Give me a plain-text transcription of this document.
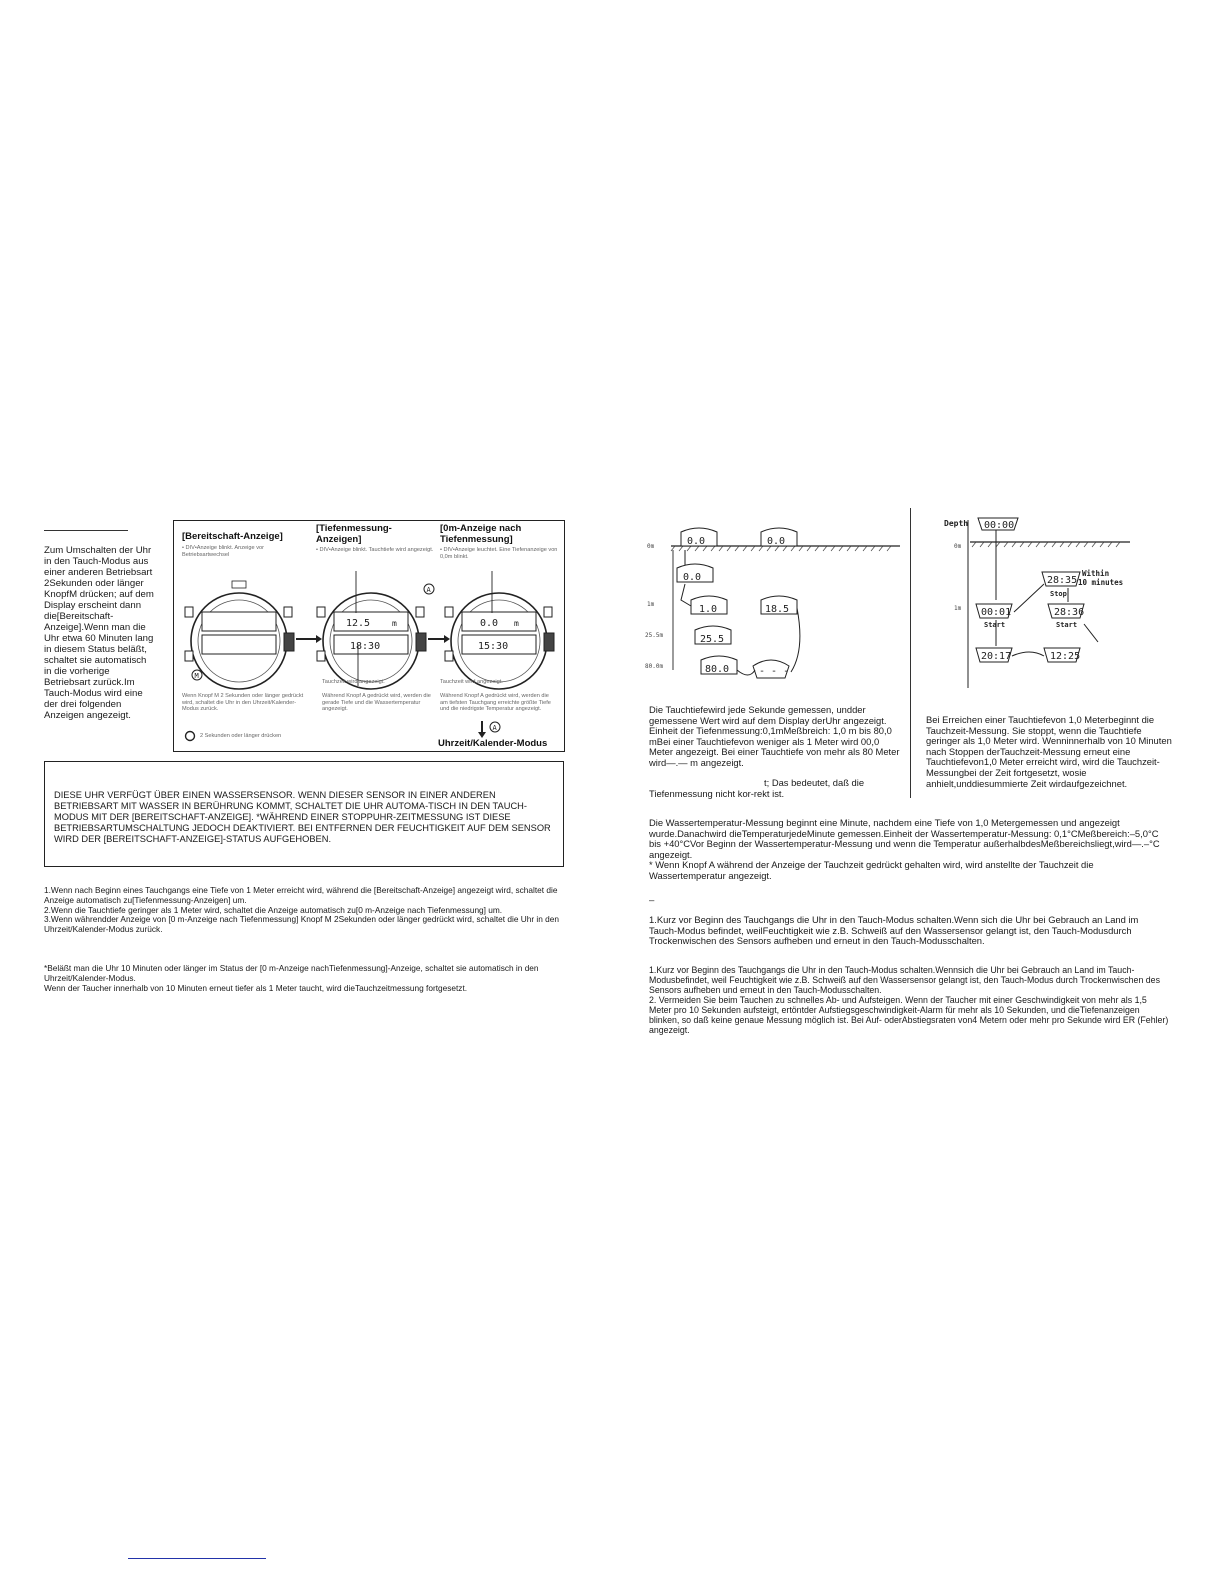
Zum Umschalten der Uhr in den Tauch-Modus aus einer anderen Betriebsart 2Sekunden oder länger KnopfM drücken; auf dem Display erscheint dann die[Bereitschaft-Anzeige].Wenn man die Uhr etwa 60 Minuten lang in diesem Status beläßt, schaltet sie automatisch in die vorherige Betriebsart zurück.Im Tauch-Modus wird eine der drei folgenden Anzeigen angezeigt.
[Bereitschaft-Anzeige]
[Tiefenmessung-Anzeigen]
[0m-Anzeige nach Tiefenmessung]
• DIV•Anzeige blinkt. Anzeige vor Betriebsartwechsel
• DIV•Anzeige blinkt. Tauchtiefe wird angezeigt. • DIV•Anzeige leuchtet. Eine Tiefenanzeige von 0,0m blinkt.
M
A
12.5	m
18:30
0.0 m
15:30
A
Tauchzeit wird angezeigt.	Tauchzeit wird angezeigt.
Wenn Knopf M 2 Sekunden oder länger gedrückt wird, schaltet die Uhr in den Uhrzeit/Kalender-Modus zurück.
Während Knopf A gedrückt wird, werden die gerade Tiefe und die Wassertemperatur angezeigt.
Während Knopf A gedrückt wird, werden die am tiefsten Tauchgang erreichte größte Tiefe und die niedrigste Temperatur angezeigt.
2 Sekunden oder länger drücken
Uhrzeit/Kalender-Modus
DIESE UHR VERFÜGT ÜBER EINEN WASSERSENSOR. WENN DIESER SENSOR IN EINER ANDEREN BETRIEBSART MIT WASSER IN BERÜHRUNG KOMMT, SCHALTET DIE UHR AUTOMA-TISCH IN DEN TAUCH-MODUS MIT DER [BEREITSCHAFT-ANZEIGE]. *WÄHREND EINER STOPPUHR-ZEITMESSUNG IST DIESE BETRIEBSARTUMSCHALTUNG JEDOCH DEAKTIVIERT. BEI ENTFERNEN DER FEUCHTIGKEIT AUF DEM SENSOR WIRD DER [BEREITSCHAFT-ANZEIGE]-STATUS AUFGEHOBEN.
1.Wenn nach Beginn eines Tauchgangs eine Tiefe von 1 Meter erreicht wird, während die [Bereitschaft-Anzeige] angezeigt wird, schaltet die Anzeige automatisch zu[Tiefenmessung-Anzeigen] um.
2.Wenn die Tauchtiefe geringer als 1 Meter wird, schaltet die Anzeige automatisch zu[0 m-Anzeige nach Tiefenmessung] um.
3.Wenn währendder Anzeige von [0 m-Anzeige nach Tiefenmessung] Knopf M 2Sekunden oder länger gedrückt wird, schaltet die Uhr in den Uhrzeit/Kalender-Modus zurück.
*Beläßt man die Uhr 10 Minuten oder länger im Status der [0 m-Anzeige nachTiefenmessung]-Anzeige, schaltet sie automatisch in den Uhrzeit/Kalender-Modus.
Wenn der Taucher innerhalb von 10 Minuten erneut tiefer als 1 Meter taucht, wird dieTauchzeitmessung fortgesetzt.
0m
1m
25.5m
80.0m
0.0	0.0
0.0
1.0
25.5
80.0
18.5
- - -
Die Tauchtiefewird jede Sekunde gemessen, undder gemessene Wert wird auf dem Display derUhr angezeigt. Einheit der Tiefenmessung:0,1mMeßbreich: 1,0 m bis 80,0 mBei einer Tauchtiefevon weniger als 1 Meter wird 00,0 Meter angezeigt. Bei einer Tauchtiefe von mehr als 80 Meter wird—.— m angezeigt.
t; Das bedeutet, daß die Tiefenmessung nicht kor-rekt ist.
Depth
0m
1m
00:00
28:35
00:01	28:36
20:17	12:25
Stop
Start	Start
Within
10 minutes
Bei Erreichen einer Tauchtiefevon 1,0 Meterbeginnt die Tauchzeit-Messung. Sie stoppt, wenn die Tauchtiefe geringer als 1,0 Meter wird. Wenninnerhalb von 10 Minuten nach Stoppen derTauchzeit-Messung erneut eine Tauchtiefevon1,0 Meter erreicht wird, wird die Tauchzeit-Messungbei der Zeit fortgesetzt, wosie anhielt,unddiesummierte Zeit wirdaufgezeichnet.
Die Wassertemperatur-Messung beginnt eine Minute, nachdem eine Tiefe von 1,0 Metergemessen und angezeigt wurde.Danachwird dieTemperaturjedeMinute gemessen.Einheit der Wassertemperatur-Messung: 0,1°CMeßbereich:–5,0°C bis +40°CVor Beginn der Wassertemperatur-Messung und wenn die Temperatur außerhalbdesMeßbereichsliegt,wird—.–°C angezeigt.
* Wenn Knopf A während der Anzeige der Tauchzeit gedrückt gehalten wird, wird anstellte der Tauchzeit die Wassertemperatur angezeigt.
–
1.Kurz vor Beginn des Tauchgangs die Uhr in den Tauch-Modus schalten.Wenn sich die Uhr bei Gebrauch an Land im Tauch-Modus befindet, weilFeuchtigkeit wie z.B. Schweiß auf den Wassersensor gelangt ist, den Tauch-Modusdurch Trockenwischen des Sensors aufheben und erneut in den Tauch-Modusschalten.
1.Kurz vor Beginn des Tauchgangs die Uhr in den Tauch-Modus schalten.Wennsich die Uhr bei Gebrauch an Land im Tauch-Modusbefindet, weil Feuchtigkeit wie z.B. Schweiß auf den Wassersensor gelangt ist, den Tauch-Modus durch Trockenwischen des Sensors aufheben und erneut in den Tauch-Modusschalten.
2. Vermeiden Sie beim Tauchen zu schnelles Ab- und Aufsteigen. Wenn der Taucher mit einer Geschwindigkeit von mehr als 1,5 Meter pro 10 Sekunden aufsteigt, ertöntder Aufstiegsgeschwindigkeit-Alarm für mehr als 10 Sekunden, und dieTiefenanzeigen blinken, so daß keine genaue Messung möglich ist. Bei Auf- oderAbstiegsraten von4 Metern oder mehr pro Sekunde wird ER (Fehler) angezeigt.
